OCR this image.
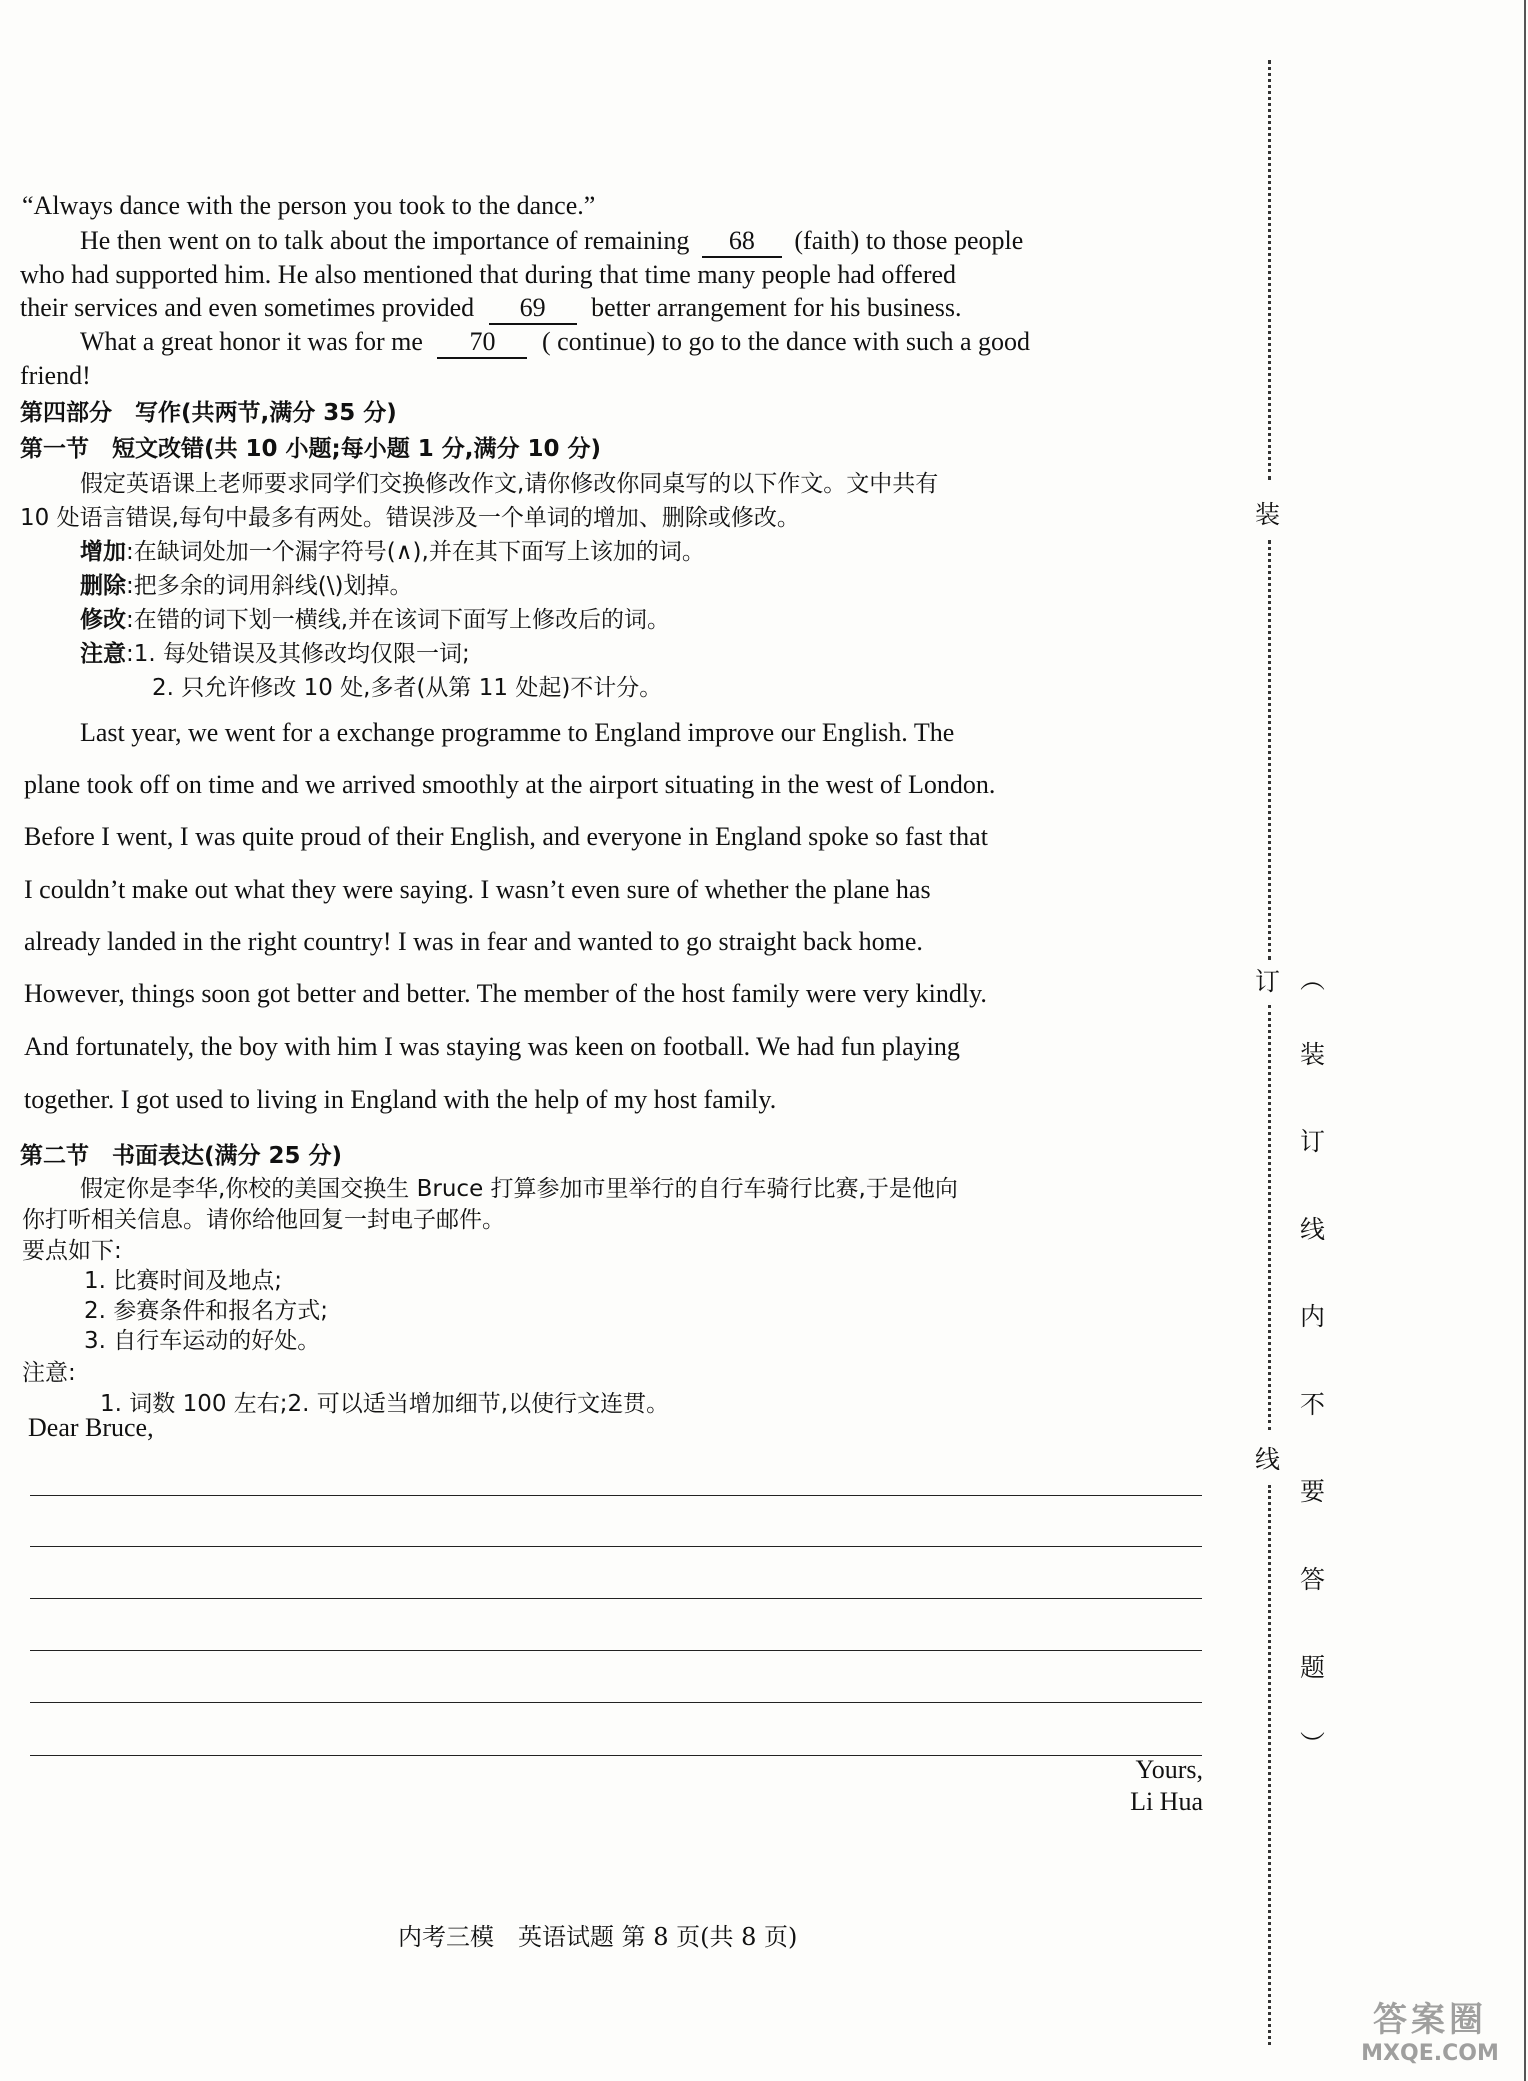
“Always dance with the person you took to the dance.”
He then went on to talk about the importance of remaining 68 (faith) to those people
who had supported him. He also mentioned that during that time many people had offered
their services and even sometimes provided 69 better arrangement for his business.
What a great honor it was for me 70 ( continue) to go to the dance with such a good
friend!
第四部分　写作(共两节,满分 35 分)
第一节　短文改错(共 10 小题;每小题 1 分,满分 10 分)
假定英语课上老师要求同学们交换修改作文,请你修改你同桌写的以下作文。文中共有
10 处语言错误,每句中最多有两处。错误涉及一个单词的增加、删除或修改。
增加:在缺词处加一个漏字符号(∧),并在其下面写上该加的词。
删除:把多余的词用斜线(\)划掉。
修改:在错的词下划一横线,并在该词下面写上修改后的词。
注意:1. 每处错误及其修改均仅限一词;
2. 只允许修改 10 处,多者(从第 11 处起)不计分。
Last year, we went for a exchange programme to England improve our English. The
plane took off on time and we arrived smoothly at the airport situating in the west of London.
Before I went, I was quite proud of their English, and everyone in England spoke so fast that
I couldn’t make out what they were saying. I wasn’t even sure of whether the plane has
already landed in the right country! I was in fear and wanted to go straight back home.
However, things soon got better and better. The member of the host family were very kindly.
And fortunately, the boy with him I was staying was keen on football. We had fun playing
together. I got used to living in England with the help of my host family.
第二节　书面表达(满分 25 分)
假定你是李华,你校的美国交换生 Bruce 打算参加市里举行的自行车骑行比赛,于是他向
你打听相关信息。请你给他回复一封电子邮件。
要点如下:
1. 比赛时间及地点;
2. 参赛条件和报名方式;
3. 自行车运动的好处。
注意:
1. 词数 100 左右;2. 可以适当增加细节,以使行文连贯。
Dear Bruce,
Yours,
Li Hua
内考三模　英语试题 第 8 页(共 8 页)
装
订
线
︵
装
订
线
内
不
要
答
题
︶
答案圈
MXQE.COM
